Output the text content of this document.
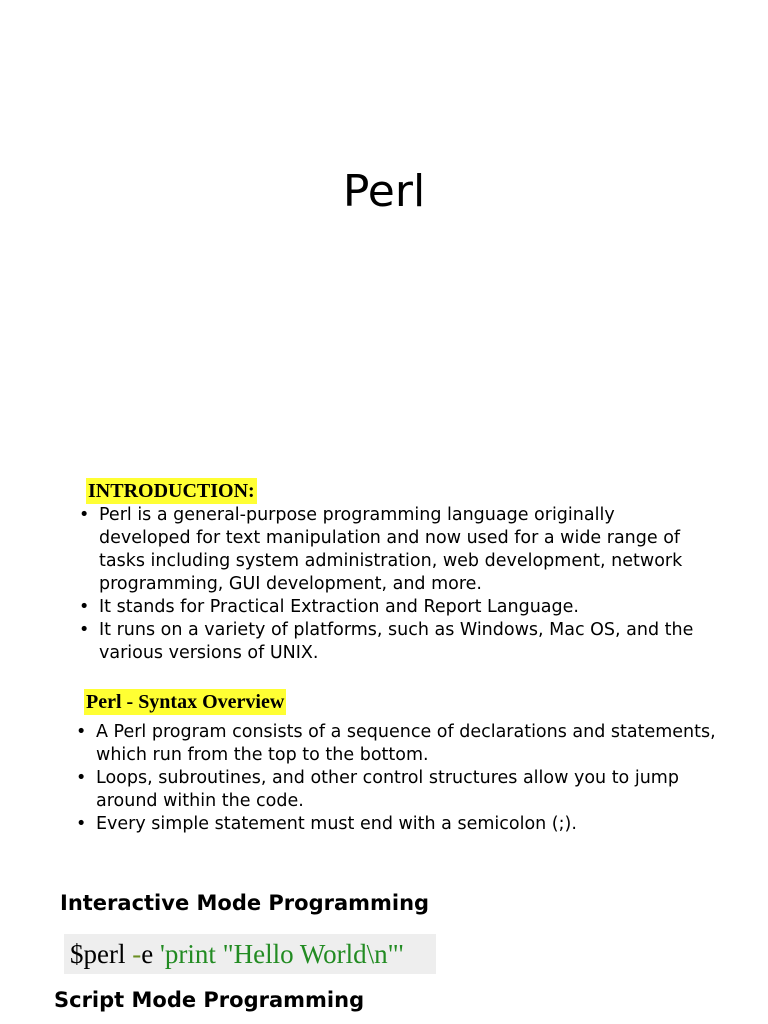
Perl
INTRODUCTION:
• Perl is a general-purpose programming language originally developed for text manipulation and now used for a wide range of tasks including system administration, web development, network programming, GUI development, and more.
• It stands for Practical Extraction and Report Language.
• It runs on a variety of platforms, such as Windows, Mac OS, and the various versions of UNIX.
Perl - Syntax Overview
• A Perl program consists of a sequence of declarations and statements, which run from the top to the bottom.
• Loops, subroutines, and other control structures allow you to jump around within the code.
• Every simple statement must end with a semicolon (;).
Interactive Mode Programming
$perl -e 'print "Hello World\n"'
Script Mode Programming
